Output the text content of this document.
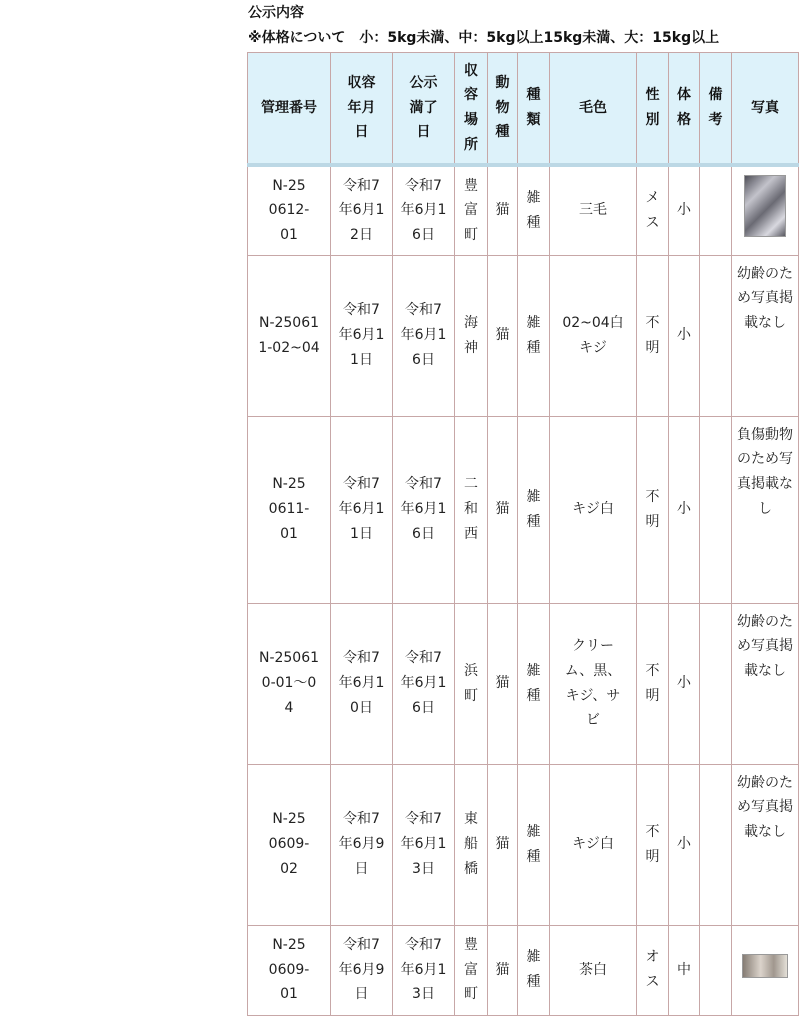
公示内容
※体格について　小：5kg未満、中：5kg以上15kg未満、大：15kg以上
管理番号	収容年月日	公示満了日	収容場所	動物種	種類	毛色	性別	体格	備考	写真

N-250612-01	令和7年6月12日	令和7年6月16日	豊富町	猫	雑種	三毛	メス	小		

N-250611-02~04	令和7年6月11日	令和7年6月16日	海神	猫	雑種	02~04白キジ	不明	小		幼齢のため写真掲載なし

N-250611-01	令和7年6月11日	令和7年6月16日	二和西	猫	雑種	キジ白	不明	小		負傷動物のため写真掲載なし

N-250610-01〜04	令和7年6月10日	令和7年6月16日	浜町	猫	雑種	クリーム、黒、キジ、サビ	不明	小		幼齢のため写真掲載なし

N-250609-02	令和7年6月9日	令和7年6月13日	東船橋	猫	雑種	キジ白	不明	小		幼齢のため写真掲載なし

N-250609-01	令和7年6月9日	令和7年6月13日	豊富町	猫	雑種	茶白	オス	中		
